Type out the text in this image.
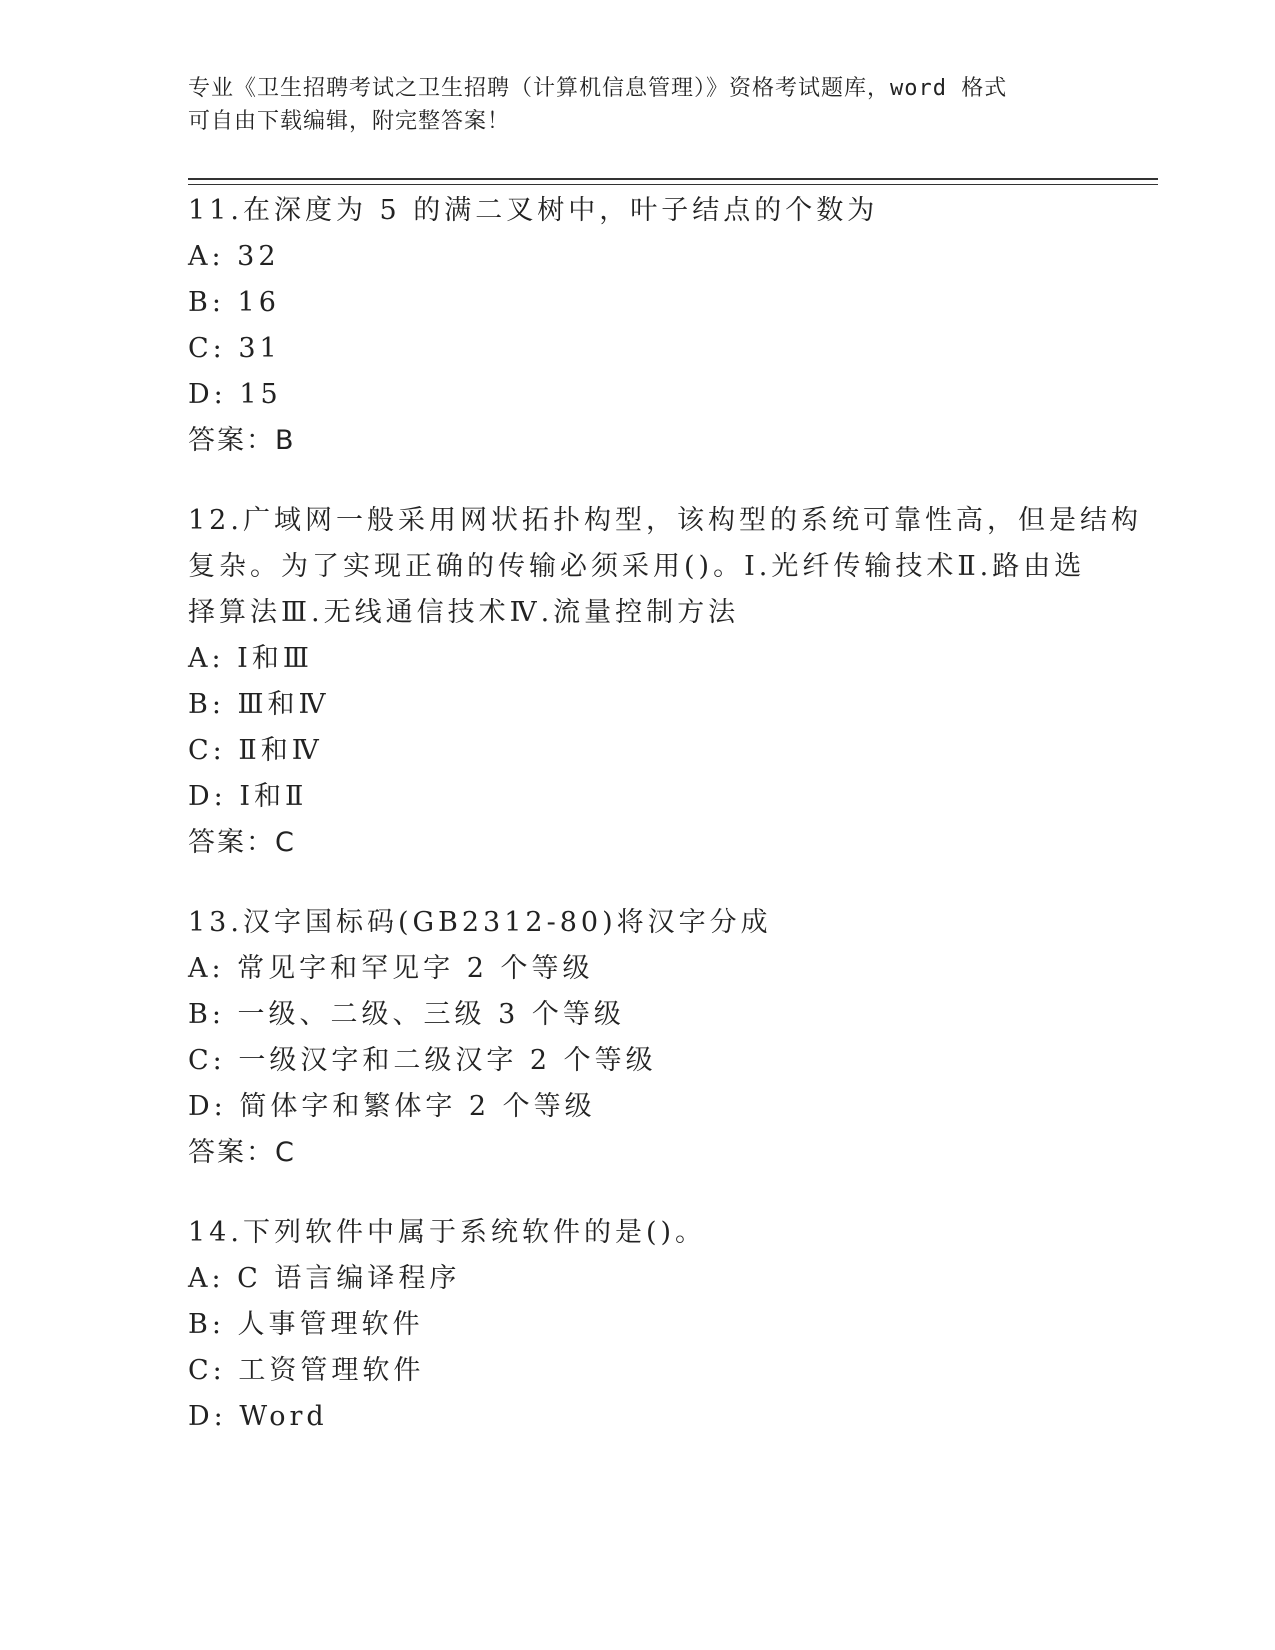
专业《卫生招聘考试之卫生招聘（计算机信息管理）》资格考试题库，word 格式
可自由下载编辑，附完整答案！
11.在深度为 5 的满二叉树中，叶子结点的个数为
A: 32
B: 16
C: 31
D: 15
答案：B
12.广域网一般采用网状拓扑构型，该构型的系统可靠性高，但是结构
复杂。为了实现正确的传输必须采用()。Ⅰ.光纤传输技术Ⅱ.路由选
择算法Ⅲ.无线通信技术Ⅳ.流量控制方法
A: Ⅰ和Ⅲ
B: Ⅲ和Ⅳ
C: Ⅱ和Ⅳ
D: Ⅰ和Ⅱ
答案：C
13.汉字国标码(GB2312-80)将汉字分成
A: 常见字和罕见字 2 个等级
B: 一级、二级、三级 3 个等级
C: 一级汉字和二级汉字 2 个等级
D: 简体字和繁体字 2 个等级
答案：C
14.下列软件中属于系统软件的是()。
A: C 语言编译程序
B: 人事管理软件
C: 工资管理软件
D: Word
